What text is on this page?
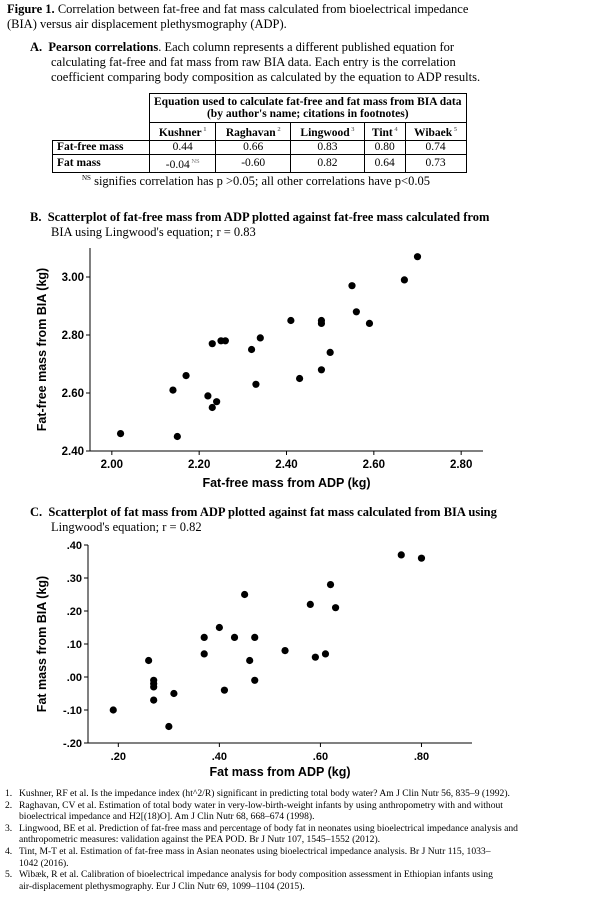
Figure 1. Correlation between fat-free and fat mass calculated from bioelectrical impedance
(BIA) versus air displacement plethysmography (ADP).
A. Pearson correlations. Each column represents a different published equation for
calculating fat-free and fat mass from raw BIA data. Each entry is the correlation
coefficient comparing body composition as calculated by the equation to ADP results.

	Equation used to calculate fat-free and fat mass from BIA data
(by author's name; citations in footnotes)				

	Kushner $^1$	Raghavan $^2$	Lingwood $^3$	Tint $^4$	Wibaek $^5$
Fat-free mass	0.44	0.66	0.83	0.80	0.74
Fat mass	-0.04 $^{NS}$	-0.60	0.82	0.64	0.73
$^{NS}$ signifies correlation has p >0.05; all other correlations have p<0.05
B. Scatterplot of fat-free mass from ADP plotted against fat-free mass calculated from
BIA using Lingwood's equation; r = 0.83
2.40
2.60
2.80
3.00
2.00	2.20	2.40	2.60	2.80
Fat-free mass from ADP (kg)
Fat-free mass from BIA (kg)
C. Scatterplot of fat mass from ADP plotted against fat mass calculated from BIA using
Lingwood's equation; r = 0.82
-.20
-.10
.00
.10
.20
.30
.40
.20	.40	.60	.80
Fat mass from ADP (kg)
Fat mass from BIA (kg)
1. Kushner, RF et al. Is the impedance index (ht^2/R) significant in predicting total body water? Am J Clin Nutr 56, 835–9 (1992).
2. Raghavan, CV et al. Estimation of total body water in very-low-birth-weight infants by using anthropometry with and without
bioelectrical impedance and H2[(18)O]. Am J Clin Nutr 68, 668–674 (1998).
3. Lingwood, BE et al. Prediction of fat-free mass and percentage of body fat in neonates using bioelectrical impedance analysis and
anthropometric measures: validation against the PEA POD. Br J Nutr 107, 1545–1552 (2012).
4. Tint, M-T et al. Estimation of fat-free mass in Asian neonates using bioelectrical impedance analysis. Br J Nutr 115, 1033–
1042 (2016).
5. Wibæk, R et al. Calibration of bioelectrical impedance analysis for body composition assessment in Ethiopian infants using
air-displacement plethysmography. Eur J Clin Nutr 69, 1099–1104 (2015).
